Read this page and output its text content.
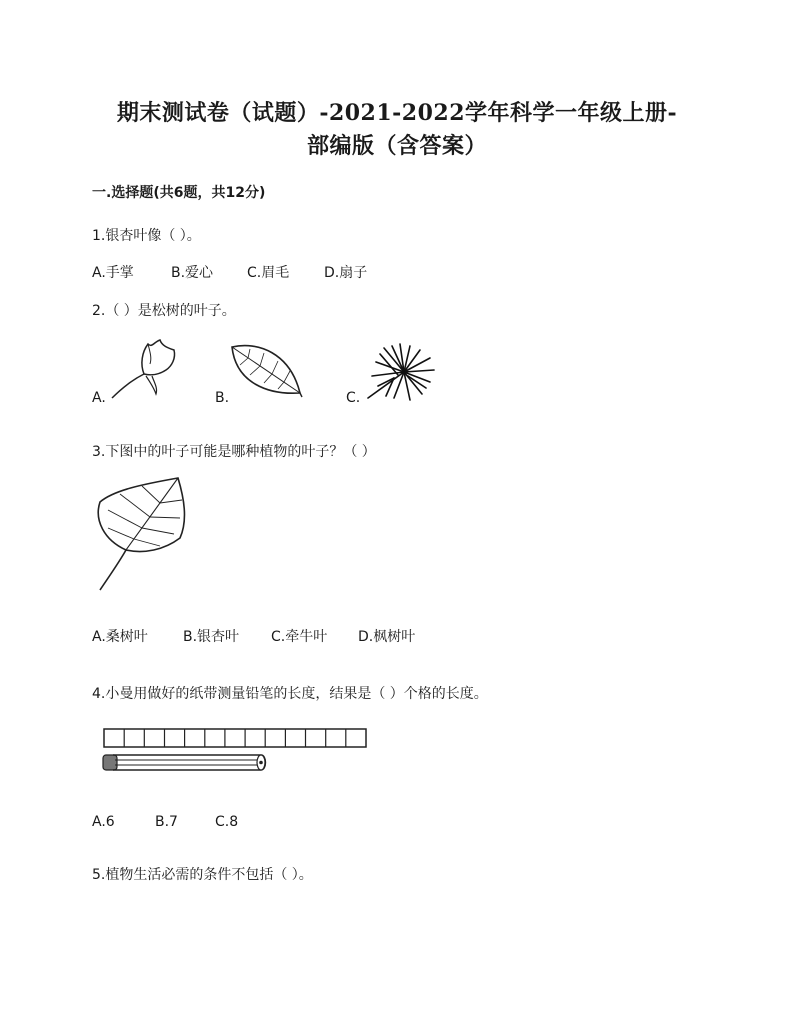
期末测试卷（试题）-2021-2022学年科学一年级上册-
部编版（含答案）
一.选择题(共6题，共12分)
1.银杏叶像（ ）。
A.手掌	B.爱心 C.眉毛 D.扇子
2.（ ）是松树的叶子。
A.	B.	C.
3.下图中的叶子可能是哪种植物的叶子？（ ）
A.桑树叶	B.银杏叶 C.牵牛叶 D.枫树叶
4.小曼用做好的纸带测量铅笔的长度，结果是（ ）个格的长度。
A.6	B.7	C.8
5.植物生活必需的条件不包括（ ）。
